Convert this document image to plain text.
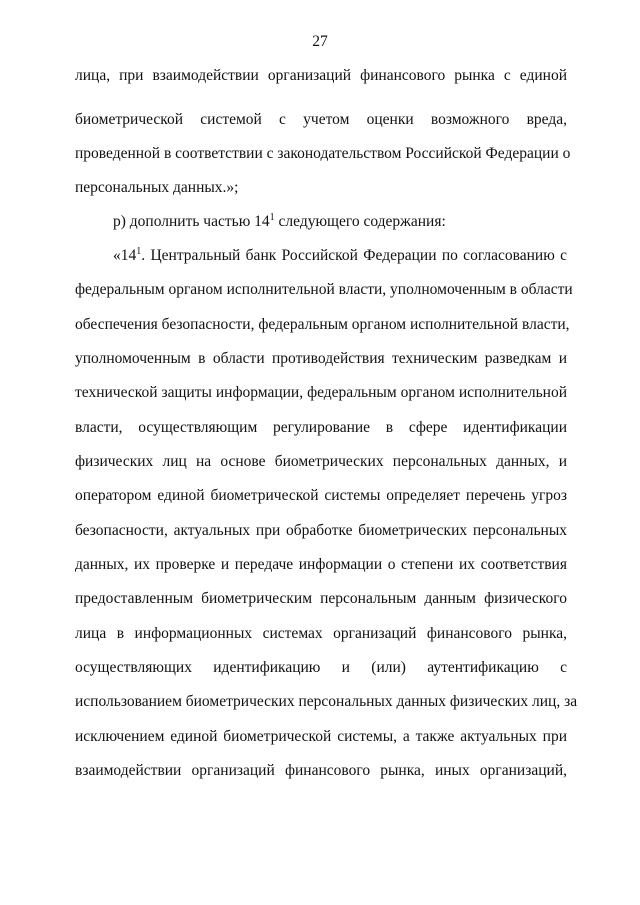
27
лица, при взаимодействии организаций финансового рынка с единой
биометрической системой с учетом оценки возможного вреда,
проведенной в соответствии с законодательством Российской Федерации о
персональных данных.»;
р) дополнить частью $14^1$ следующего содержания:
«$14^1$. Центральный банк Российской Федерации по согласованию с
федеральным органом исполнительной власти, уполномоченным в области
обеспечения безопасности, федеральным органом исполнительной власти,
уполномоченным в области противодействия техническим разведкам и
технической защиты информации, федеральным органом исполнительной
власти, осуществляющим регулирование в сфере идентификации
физических лиц на основе биометрических персональных данных, и
оператором единой биометрической системы определяет перечень угроз
безопасности, актуальных при обработке биометрических персональных
данных, их проверке и передаче информации о степени их соответствия
предоставленным биометрическим персональным данным физического
лица в информационных системах организаций финансового рынка,
осуществляющих идентификацию и (или) аутентификацию с
использованием биометрических персональных данных физических лиц, за
исключением единой биометрической системы, а также актуальных при
взаимодействии организаций финансового рынка, иных организаций,
